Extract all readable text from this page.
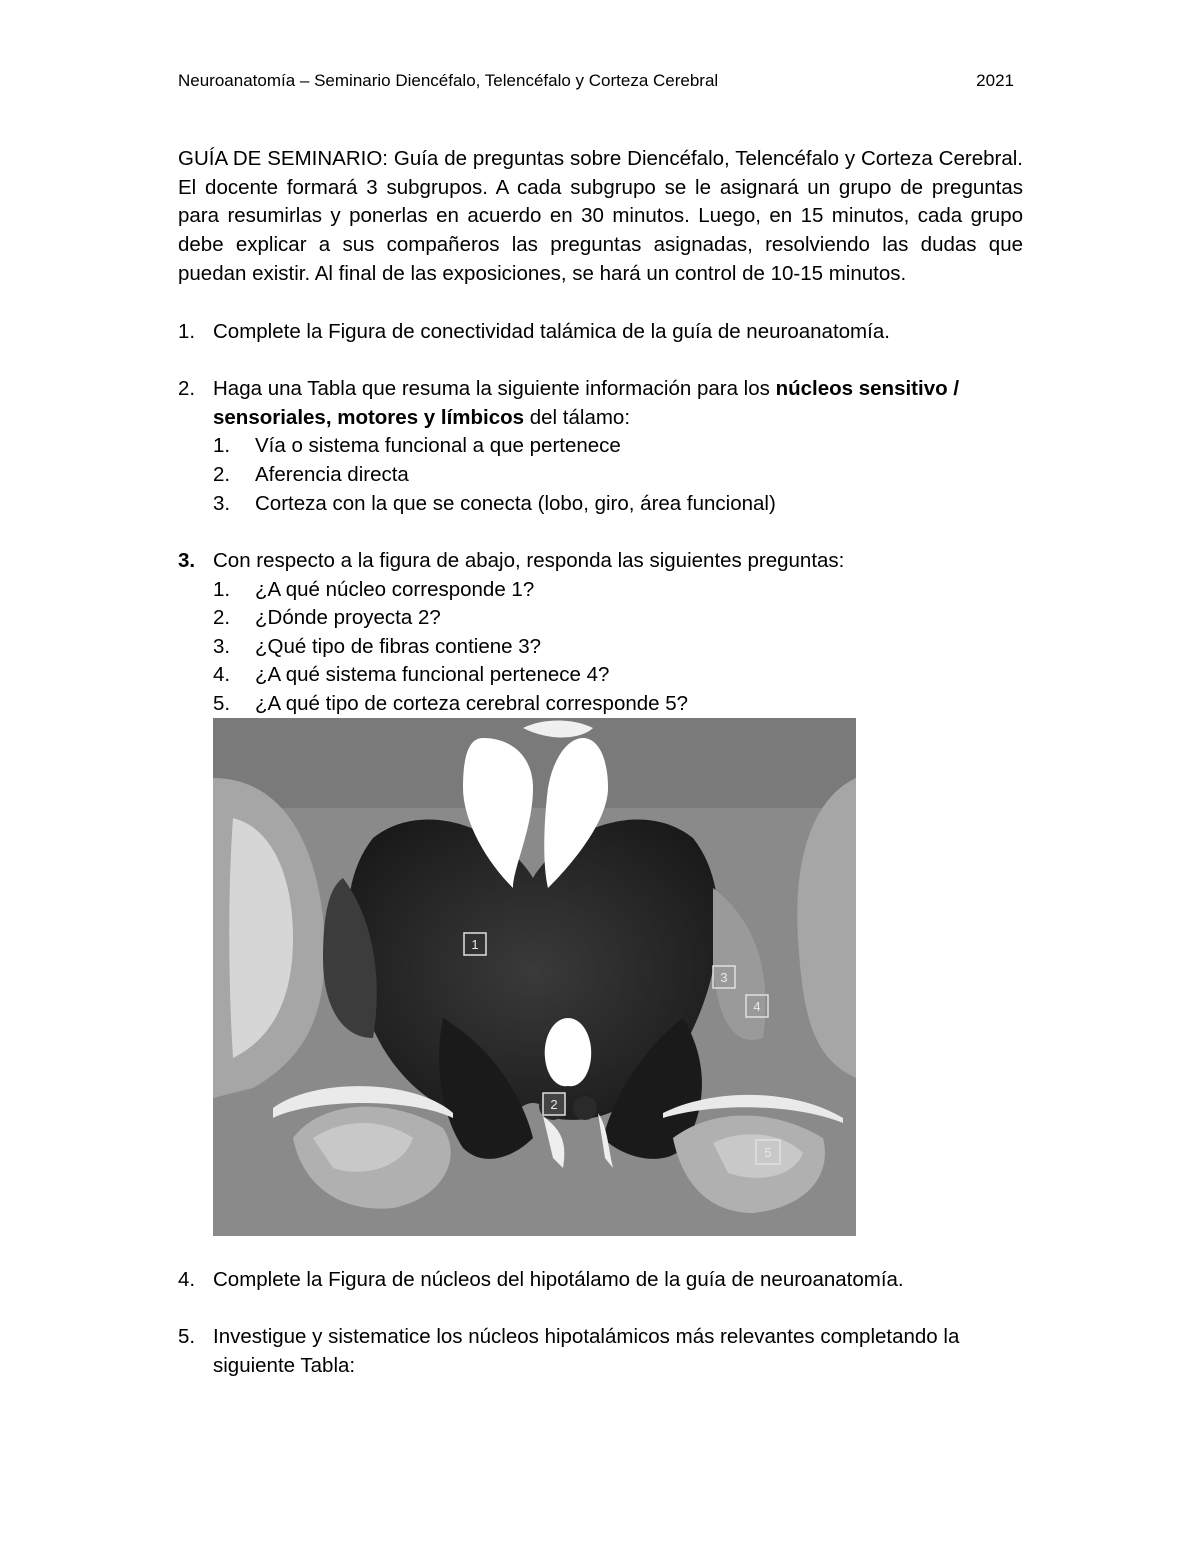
Neuroanatomía – Seminario Diencéfalo, Telencéfalo y Corteza Cerebral	2021
GUÍA DE SEMINARIO: Guía de preguntas sobre Diencéfalo, Telencéfalo y Corteza Cerebral. El docente formará 3 subgrupos. A cada subgrupo se le asignará un grupo de preguntas para resumirlas y ponerlas en acuerdo en 30 minutos. Luego, en 15 minutos, cada grupo debe explicar a sus compañeros las preguntas asignadas, resolviendo las dudas que puedan existir. Al final de las exposiciones, se hará un control de 10-15 minutos.
1. Complete la Figura de conectividad talámica de la guía de neuroanatomía.
2. Haga una Tabla que resuma la siguiente información para los núcleos sensitivo / sensoriales, motores y límbicos del tálamo:
1. Vía o sistema funcional a que pertenece
2. Aferencia directa
3. Corteza con la que se conecta (lobo, giro, área funcional)
3. Con respecto a la figura de abajo, responda las siguientes preguntas:
1. ¿A qué núcleo corresponde 1?
2. ¿Dónde proyecta 2?
3. ¿Qué tipo de fibras contiene 3?
4. ¿A qué sistema funcional pertenece 4?
5. ¿A qué tipo de corteza cerebral corresponde 5?
1
2
3
4
5
4. Complete la Figura de núcleos del hipotálamo de la guía de neuroanatomía.
5. Investigue y sistematice los núcleos hipotalámicos más relevantes completando la siguiente Tabla:
